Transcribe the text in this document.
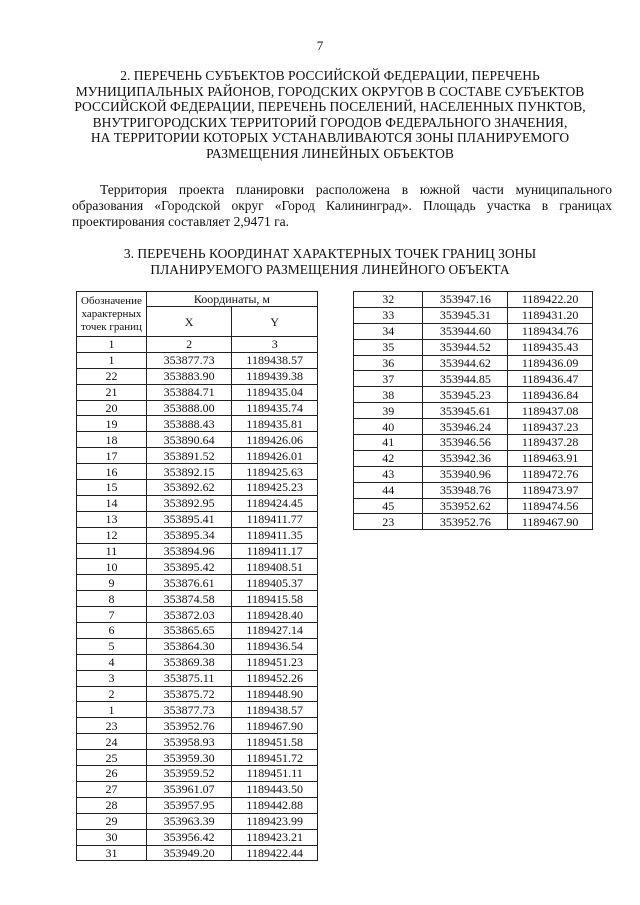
7
2. ПЕРЕЧЕНЬ СУБЪЕКТОВ РОССИЙСКОЙ ФЕДЕРАЦИИ, ПЕРЕЧЕНЬ
МУНИЦИПАЛЬНЫХ РАЙОНОВ, ГОРОДСКИХ ОКРУГОВ В СОСТАВЕ СУБЪЕКТОВ
РОССИЙСКОЙ ФЕДЕРАЦИИ, ПЕРЕЧЕНЬ ПОСЕЛЕНИЙ, НАСЕЛЕННЫХ ПУНКТОВ,
ВНУТРИГОРОДСКИХ ТЕРРИТОРИЙ ГОРОДОВ ФЕДЕРАЛЬНОГО ЗНАЧЕНИЯ,
НА ТЕРРИТОРИИ КОТОРЫХ УСТАНАВЛИВАЮТСЯ ЗОНЫ ПЛАНИРУЕМОГО
РАЗМЕЩЕНИЯ ЛИНЕЙНЫХ ОБЪЕКТОВ
Территория проекта планировки расположена в южной части муниципального
образования «Городской округ «Город Калининград». Площадь участка в границах
проектирования составляет 2,9471 га.
3. ПЕРЕЧЕНЬ КООРДИНАТ ХАРАКТЕРНЫХ ТОЧЕК ГРАНИЦ ЗОНЫ
ПЛАНИРУЕМОГО РАЗМЕЩЕНИЯ ЛИНЕЙНОГО ОБЪЕКТА
Обозначение
характерных
точек границ	Координаты, м	
	X	Y
1	2	3
1	353877.73	1189438.57
22	353883.90	1189439.38
21	353884.71	1189435.04
20	353888.00	1189435.74
19	353888.43	1189435.81
18	353890.64	1189426.06
17	353891.52	1189426.01
16	353892.15	1189425.63
15	353892.62	1189425.23
14	353892.95	1189424.45
13	353895.41	1189411.77
12	353895.34	1189411.35
11	353894.96	1189411.17
10	353895.42	1189408.51
9	353876.61	1189405.37
8	353874.58	1189415.58
7	353872.03	1189428.40
6	353865.65	1189427.14
5	353864.30	1189436.54
4	353869.38	1189451.23
3	353875.11	1189452.26
2	353875.72	1189448.90
1	353877.73	1189438.57
23	353952.76	1189467.90
24	353958.93	1189451.58
25	353959.30	1189451.72
26	353959.52	1189451.11
27	353961.07	1189443.50
28	353957.95	1189442.88
29	353963.39	1189423.99
30	353956.42	1189423.21
31	353949.20	1189422.44
32	353947.16	1189422.20
33	353945.31	1189431.20
34	353944.60	1189434.76
35	353944.52	1189435.43
36	353944.62	1189436.09
37	353944.85	1189436.47
38	353945.23	1189436.84
39	353945.61	1189437.08
40	353946.24	1189437.23
41	353946.56	1189437.28
42	353942.36	1189463.91
43	353940.96	1189472.76
44	353948.76	1189473.97
45	353952.62	1189474.56
23	353952.76	1189467.90
